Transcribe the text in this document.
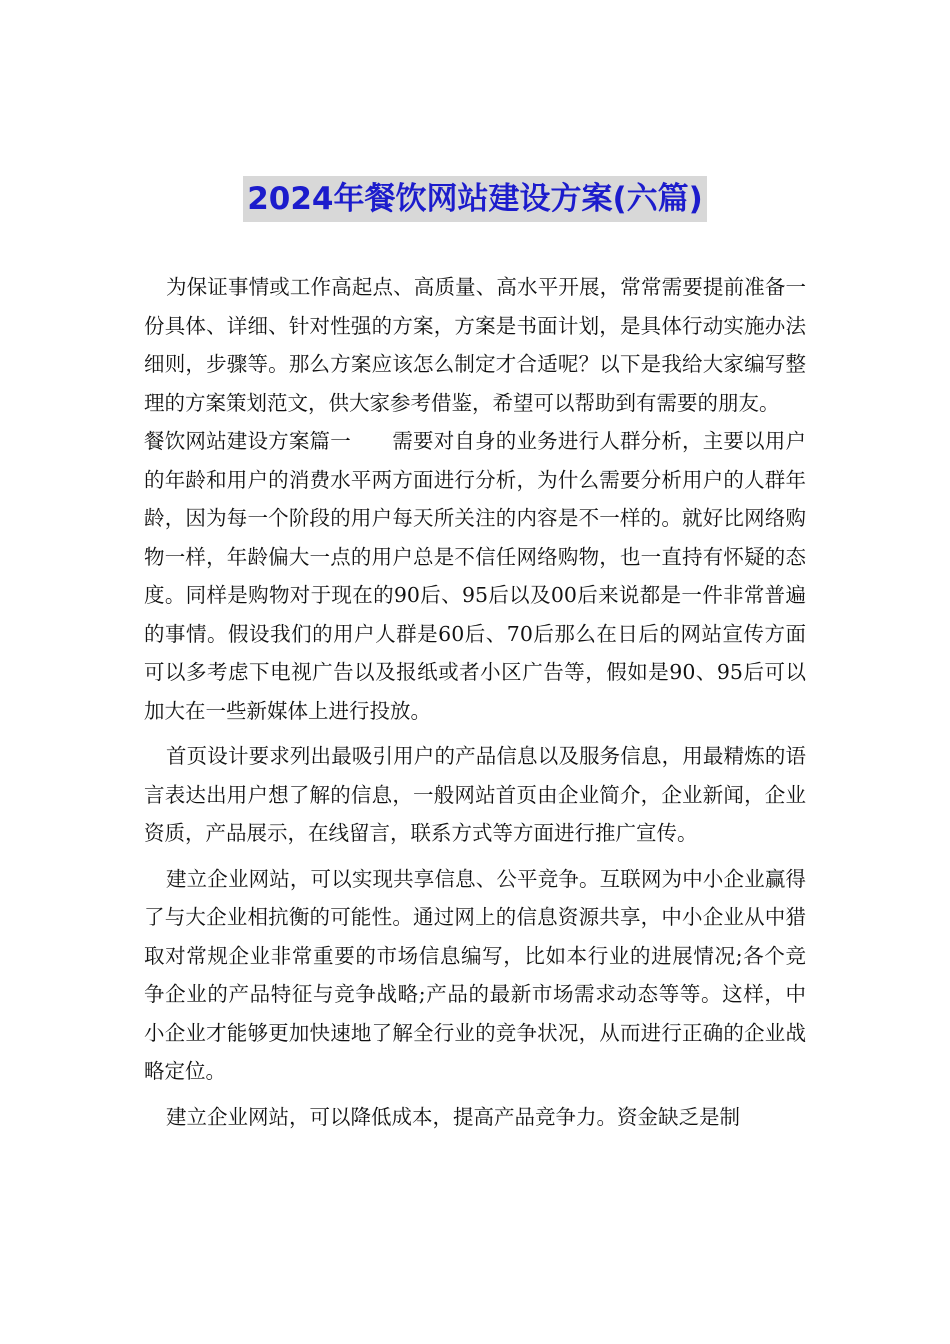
2024年餐饮网站建设方案(六篇)

为保证事情或工作高起点、高质量、高水平开展，常常需要提前准备一份具体、详细、针对性强的方案，方案是书面计划，是具体行动实施办法细则，步骤等。那么方案应该怎么制定才合适呢？以下是我给大家编写整理的方案策划范文，供大家参考借鉴，希望可以帮助到有需要的朋友。

餐饮网站建设方案篇一　　 需要对自身的业务进行人群分析，主要以用户的年龄和用户的消费水平两方面进行分析，为什么需要分析用户的人群年龄，因为每一个阶段的用户每天所关注的内容是不一样的。就好比网络购物一样，年龄偏大一点的用户总是不信任网络购物，也一直持有怀疑的态度。同样是购物对于现在的90后、95后以及00后来说都是一件非常普遍的事情。假设我们的用户人群是60后、70后那么在日后的网站宣传方面可以多考虑下电视广告以及报纸或者小区广告等，假如是90、95后可以加大在一些新媒体上进行投放。

首页设计要求列出最吸引用户的产品信息以及服务信息，用最精炼的语言表达出用户想了解的信息，一般网站首页由企业简介，企业新闻，企业资质，产品展示，在线留言，联系方式等方面进行推广宣传。

建立企业网站，可以实现共享信息、公平竞争。互联网为中小企业赢得了与大企业相抗衡的可能性。通过网上的信息资源共享，中小企业从中猎取对常规企业非常重要的市场信息编写，比如本行业的进展情况;各个竞争企业的产品特征与竞争战略;产品的最新市场需求动态等等。这样，中小企业才能够更加快速地了解全行业的竞争状况，从而进行正确的企业战略定位。

建立企业网站，可以降低成本，提高产品竞争力。资金缺乏是制
